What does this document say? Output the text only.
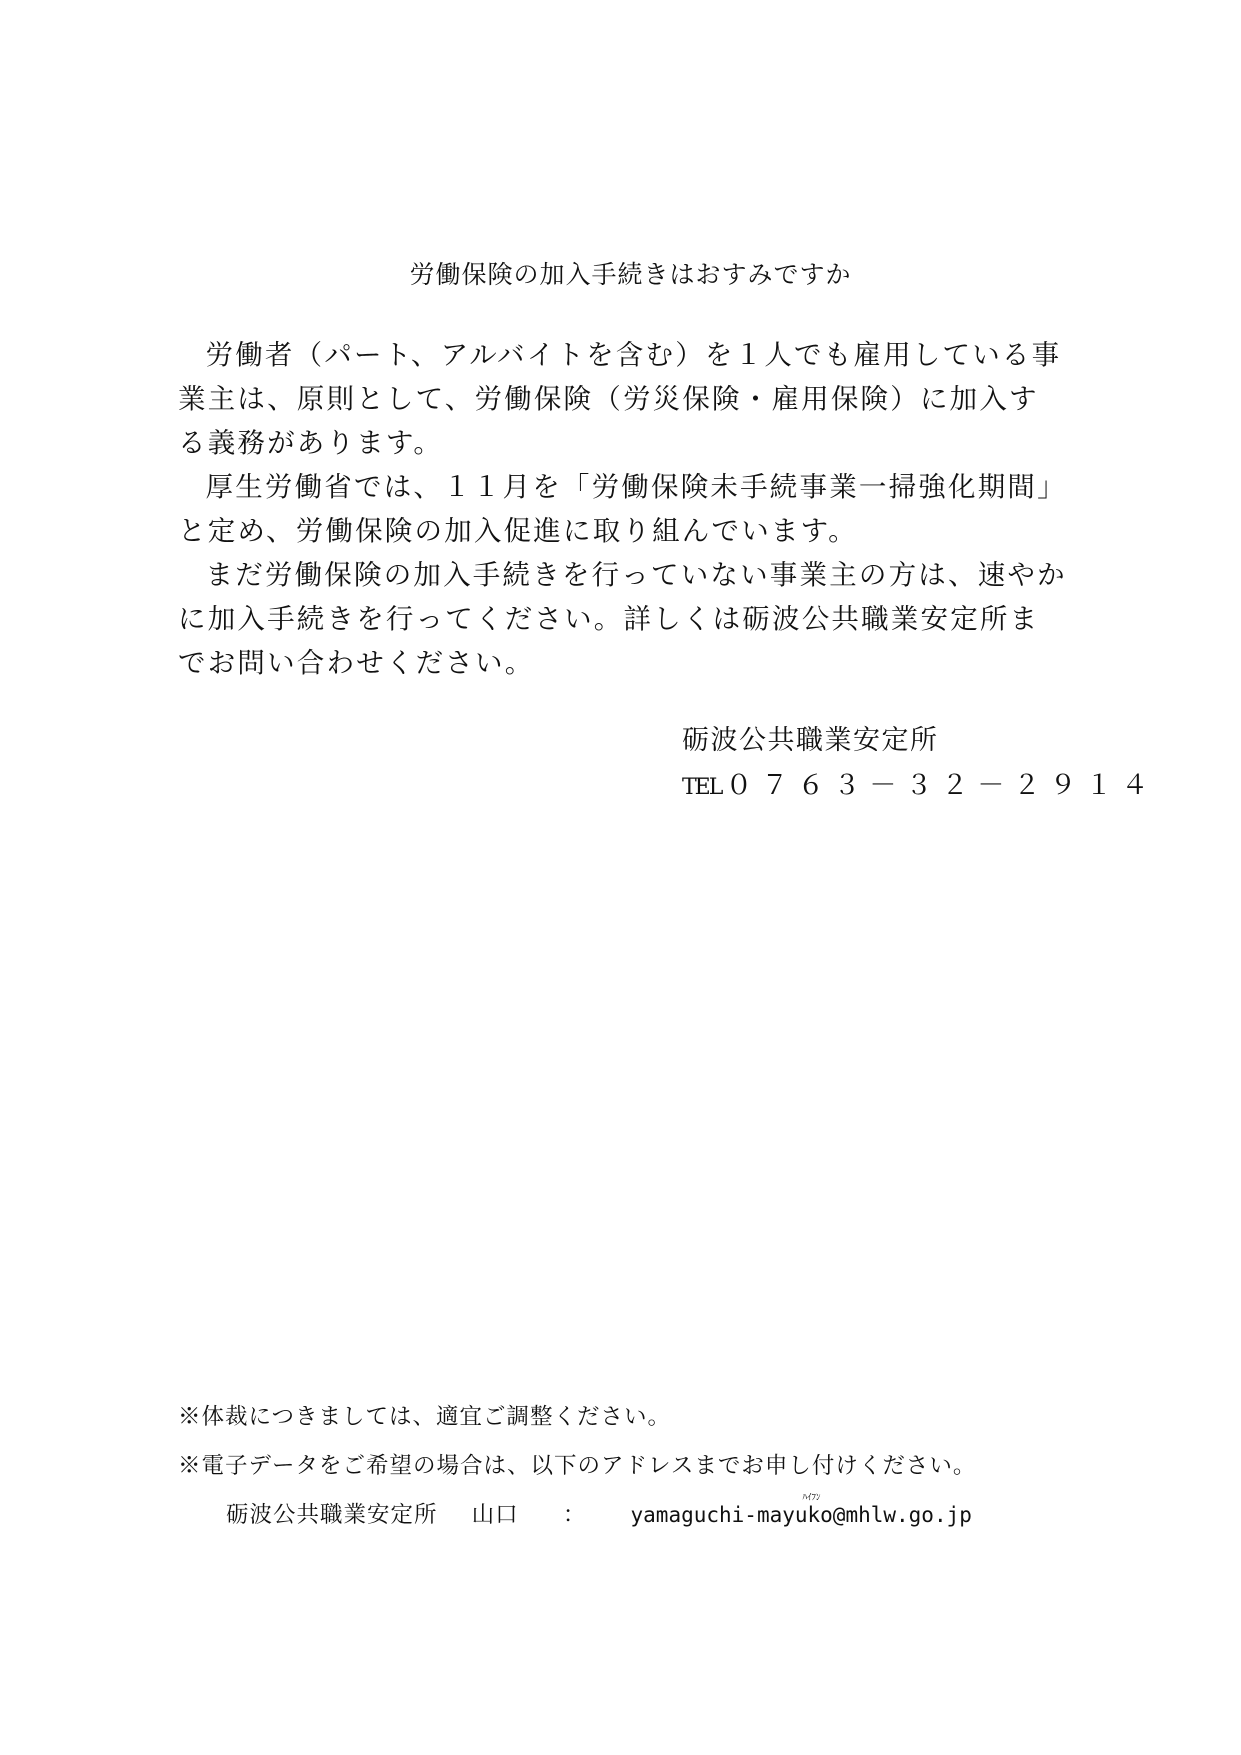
労働保険の加入手続きはおすみですか

労働者（パート、アルバイトを含む）を１人でも雇用している事業主は、原則として、労働保険（労災保険・雇用保険）に加入する義務があります。

厚生労働省では、１１月を「労働保険未手続事業一掃強化期間」と定め、労働保険の加入促進に取り組んでいます。

まだ労働保険の加入手続きを行っていない事業主の方は、速やかに加入手続きを行ってください。詳しくは砺波公共職業安定所までお問い合わせください。

砺波公共職業安定所
TEL ０７６３－３２－２９１４
※体裁につきましては、適宜ご調整ください。
※電子データをご希望の場合は、以下のアドレスまでお申し付けください。
砺波公共職業安定所 山口 ：
ﾊｲﾌﾝ
yamaguchi-mayuko@mhlw.go.jp
